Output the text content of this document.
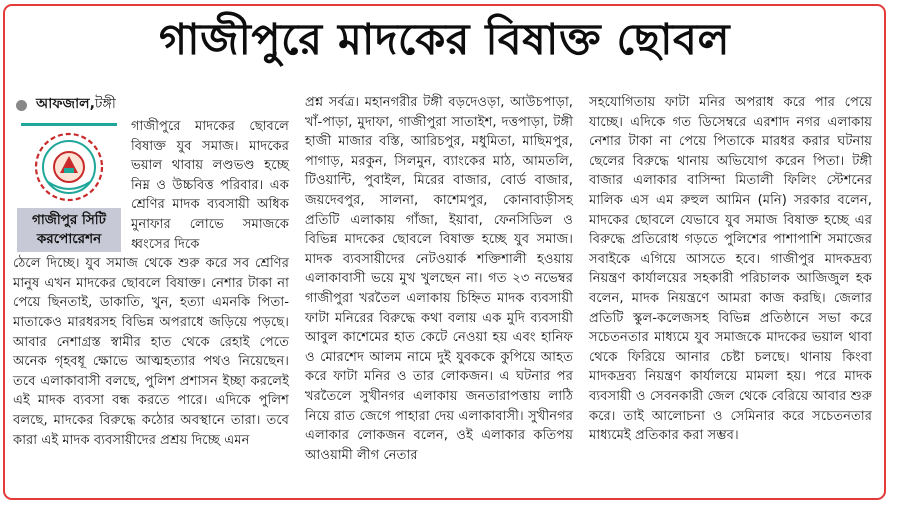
গাজীপুরে মাদকের বিষাক্ত ছোবল
আফজাল, টঙ্গী
গাজীপুর সিটি করপোরেশন

গাজীপুরে মাদকের ছোবলে বিষাক্ত যুব সমাজ। মাদকের ভয়াল থাবায় লণ্ডভণ্ড হচ্ছে নিম্ন ও উচ্চবিত্ত পরিবার। এক শ্রেণির মাদক ব্যবসায়ী অধিক মুনাফার লোভে সমাজকে ধ্বংসের দিকে

ঠেলে দিচ্ছে। যুব সমাজ থেকে শুরু করে সব শ্রেণির মানুষ এখন মাদকের ছোবলে বিষাক্ত। নেশার টাকা না পেয়ে ছিনতাই, ডাকাতি, খুন, হত্যা এমনকি পিতা-মাতাকেও মারধরসহ বিভিন্ন অপরাধে জড়িয়ে পড়ছে। আবার নেশাগ্রস্ত স্বামীর হাত থেকে রেহাই পেতে অনেক গৃহবধূ ক্ষোভে আত্মহত্যার পথও নিয়েছেন। তবে এলাকাবাসী বলছে, পুলিশ প্রশাসন ইচ্ছা করলেই এই মাদক ব্যবসা বন্ধ করতে পারে। এদিকে পুলিশ বলছে, মাদকের বিরুদ্ধে কঠোর অবস্থানে তারা। তবে কারা এই মাদক ব্যবসায়ীদের প্রশ্রয় দিচ্ছে এমন

প্রশ্ন সর্বত্র। মহানগরীর টঙ্গী বড়দেওড়া, আউচপাড়া, খাঁ-পাড়া, মুদাফা, গাজীপুরা সাতাইশ, দত্তপাড়া, টঙ্গী হাজী মাজার বস্তি, আরিচপুর, মধুমিতা, মাছিমপুর, পাগাড়, মরকুন, সিলমুন, ব্যাংকের মাঠ, আমতলি, টিওয়ান্টি, পুবাইল, মিরের বাজার, বোর্ড বাজার, জয়দেবপুর, সালনা, কাশেমপুর, কোনাবাড়ীসহ প্রতিটি এলাকায় গাঁজা, ইয়াবা, ফেনসিডিল ও বিভিন্ন মাদকের ছোবলে বিষাক্ত হচ্ছে যুব সমাজ। মাদক ব্যবসায়ীদের নেটওয়ার্ক শক্তিশালী হওয়ায় এলাকাবাসী ভয়ে মুখ খুলছেন না। গত ২৩ নভেম্বর গাজীপুরা খরতৈল এলাকায় চিহ্নিত মাদক ব্যবসায়ী ফাটা মনিরের বিরুদ্ধে কথা বলায় এক মুদি ব্যবসায়ী আবুল কাশেমের হাত কেটে নেওয়া হয় এবং হানিফ ও মোরশেদ আলম নামে দুই যুবককে কুপিয়ে আহত করে ফাটা মনির ও তার লোকজন। এ ঘটনার পর খরতৈলে সুখীনগর এলাকায় জনতারাপত্তায় লাঠি নিয়ে রাত জেগে পাহারা দেয় এলাকাবাসী। সুখীনগর এলাকার লোকজন বলেন, ওই এলাকার কতিপয় আওয়ামী লীগ নেতার

সহযোগিতায় ফাটা মনির অপরাধ করে পার পেয়ে যাচ্ছে। এদিকে গত ডিসেম্বরে এরশাদ নগর এলাকায় নেশার টাকা না পেয়ে পিতাকে মারধর করার ঘটনায় ছেলের বিরুদ্ধে থানায় অভিযোগ করেন পিতা। টঙ্গী বাজার এলাকার বাসিন্দা মিতালী ফিলিং স্টেশনের মালিক এস এম রুহুল আমিন (মনি) সরকার বলেন, মাদকের ছোবলে যেভাবে যুব সমাজ বিষাক্ত হচ্ছে এর বিরুদ্ধে প্রতিরোধ গড়তে পুলিশের পাশাপাশি সমাজের সবাইকে এগিয়ে আসতে হবে। গাজীপুর মাদকদ্রব্য নিয়ন্ত্রণ কার্যালয়ের সহকারী পরিচালক আজিজুল হক বলেন, মাদক নিয়ন্ত্রণে আমরা কাজ করছি। জেলার প্রতিটি স্কুল-কলেজসহ বিভিন্ন প্রতিষ্ঠানে সভা করে সচেতনতার মাধ্যমে যুব সমাজকে মাদকের ভয়াল থাবা থেকে ফিরিয়ে আনার চেষ্টা চলছে। থানায় কিংবা মাদকদ্রব্য নিয়ন্ত্রণ কার্যালয়ে মামলা হয়। পরে মাদক ব্যবসায়ী ও সেবনকারী জেল থেকে বেরিয়ে আবার শুরু করে। তাই আলোচনা ও সেমিনার করে সচেতনতার মাধ্যমেই প্রতিকার করা সম্ভব।
